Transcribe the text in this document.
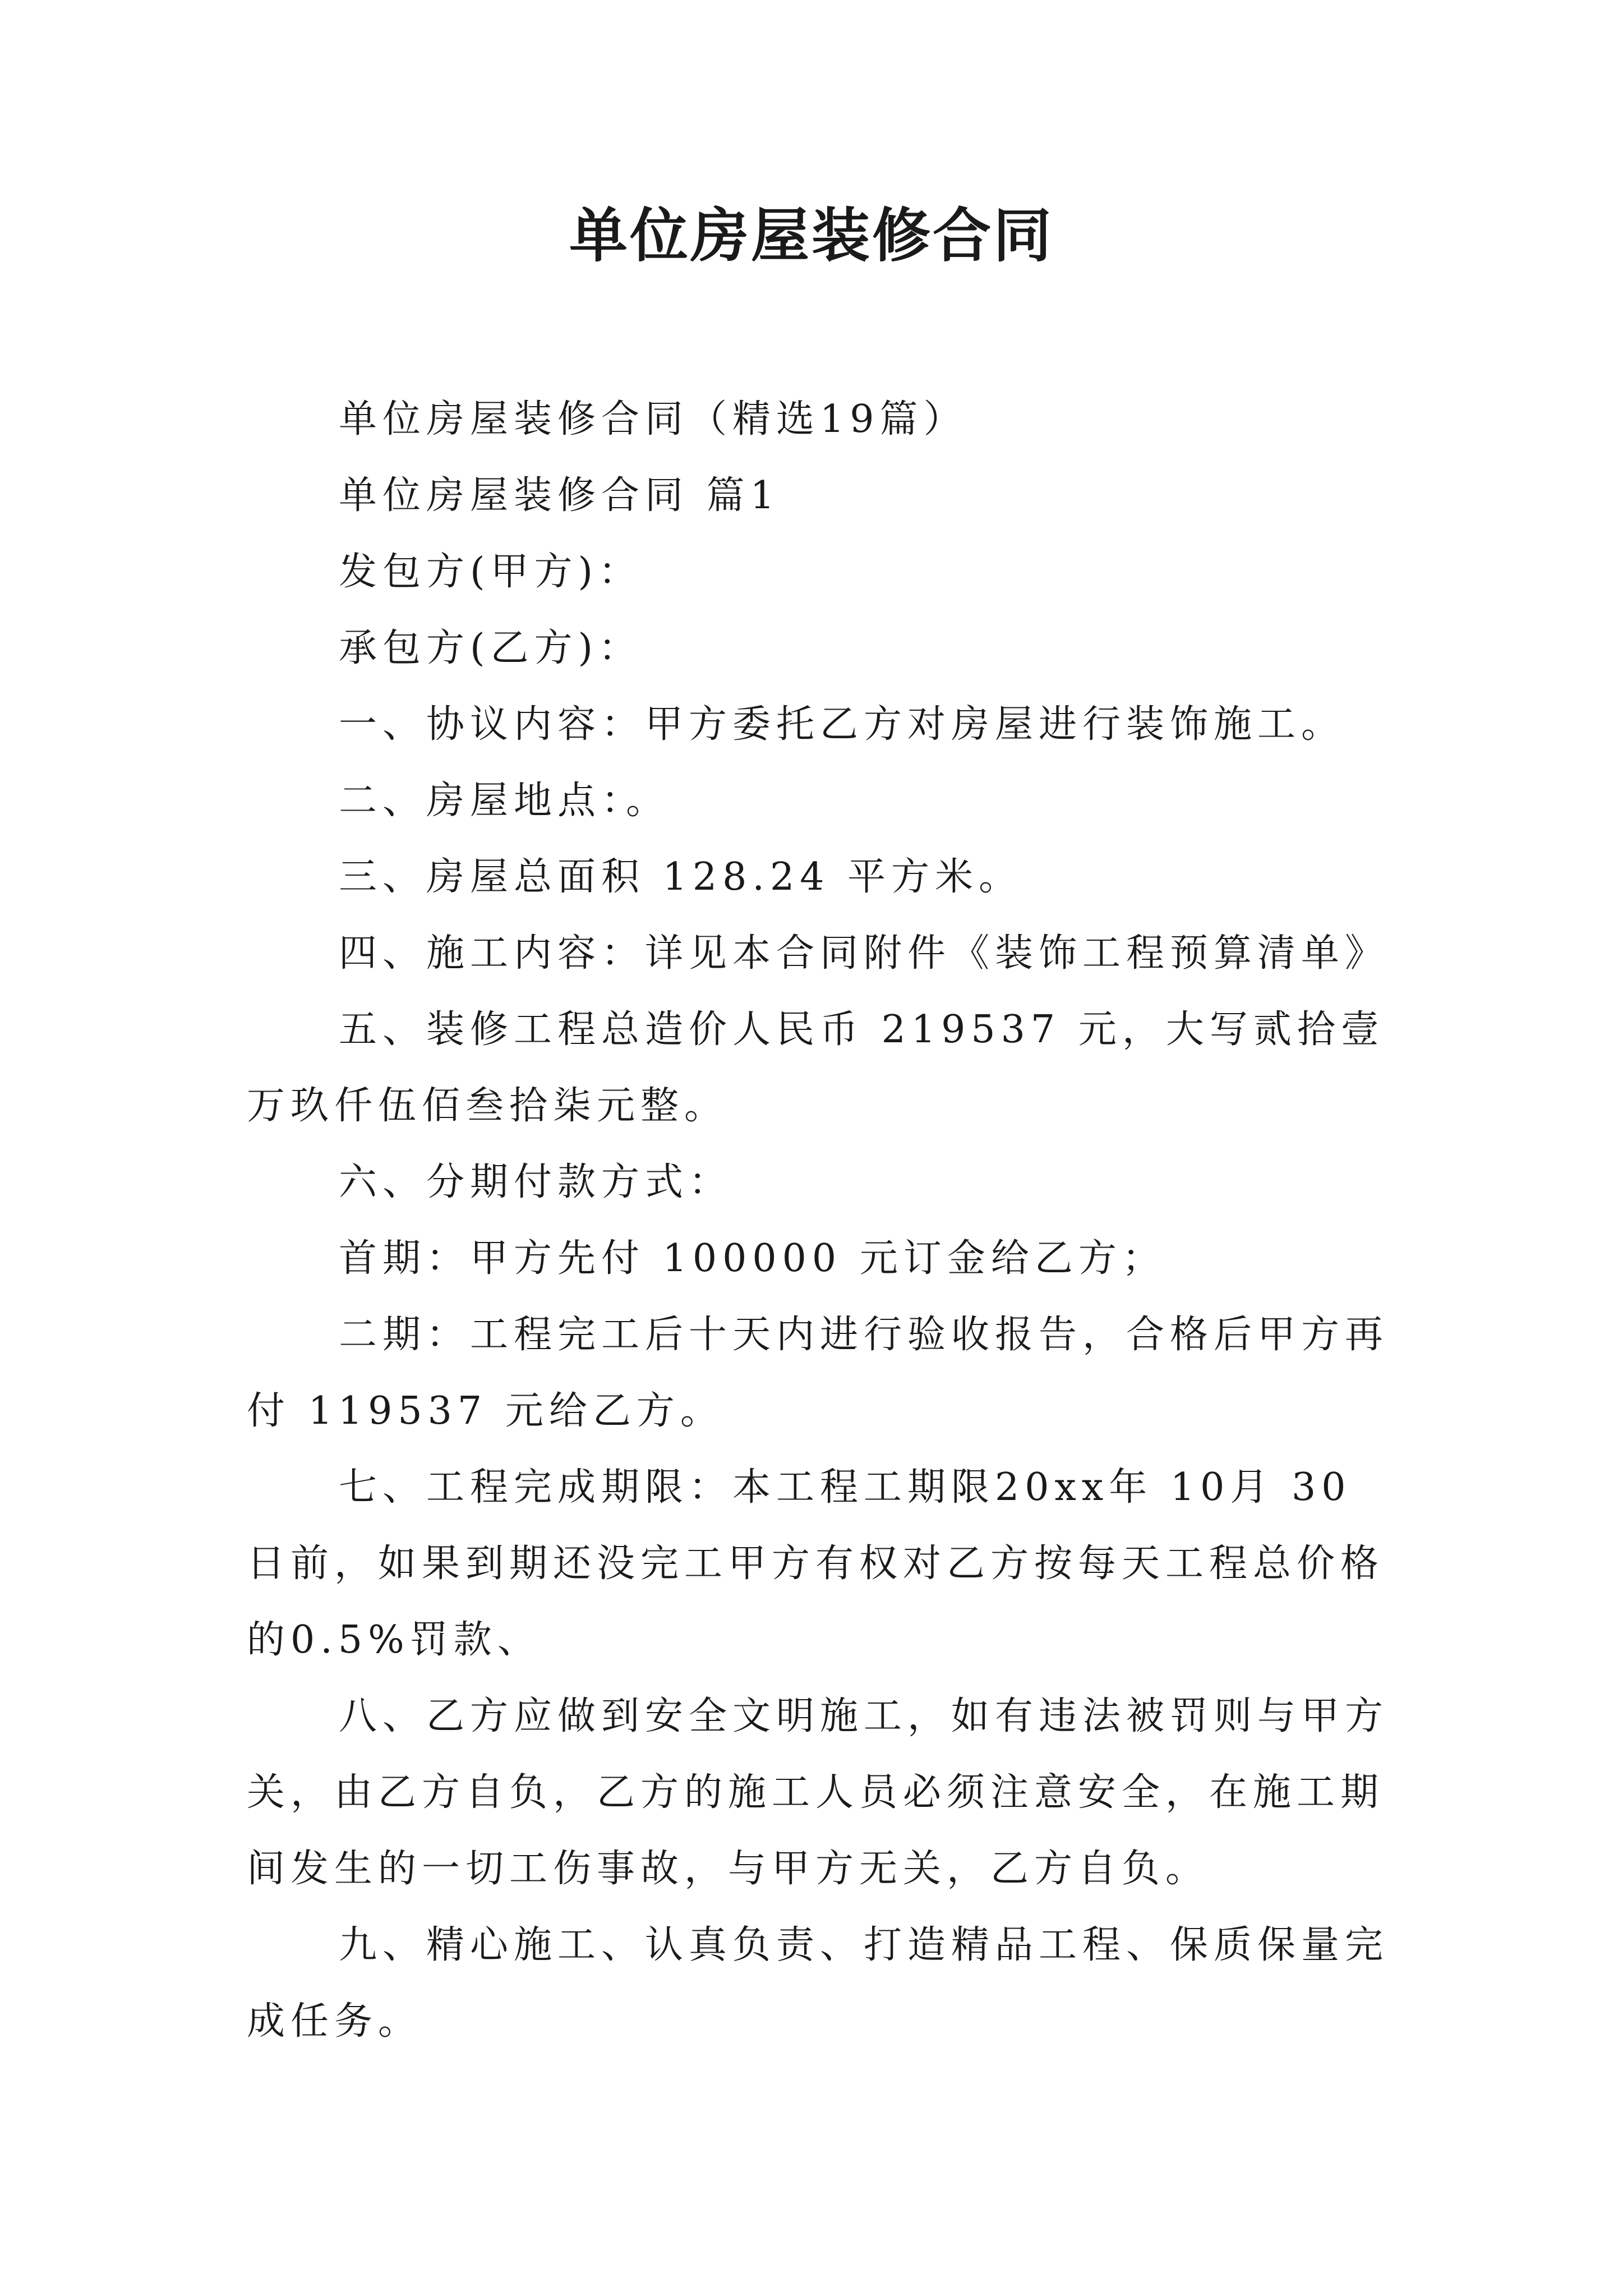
单位房屋装修合同

单位房屋装修合同（精选19篇）

单位房屋装修合同 篇1

发包方(甲方)：

承包方(乙方)：

一、协议内容：甲方委托乙方对房屋进行装饰施工。

二、房屋地点：。

三、房屋总面积 128.24 平方米。

四、施工内容：详见本合同附件《装饰工程预算清单》

五、装修工程总造价人民币 219537 元，大写贰拾壹万玖仟伍佰叁拾柒元整。

六、分期付款方式：

首期：甲方先付 100000 元订金给乙方；

二期：工程完工后十天内进行验收报告，合格后甲方再付 119537 元给乙方。

七、工程完成期限：本工程工期限20xx年 10月 30 日前，如果到期还没完工甲方有权对乙方按每天工程总价格的0.5%罚款、

八、乙方应做到安全文明施工，如有违法被罚则与甲方关，由乙方自负，乙方的施工人员必须注意安全，在施工期间发生的一切工伤事故，与甲方无关，乙方自负。

九、精心施工、认真负责、打造精品工程、保质保量完成任务。
